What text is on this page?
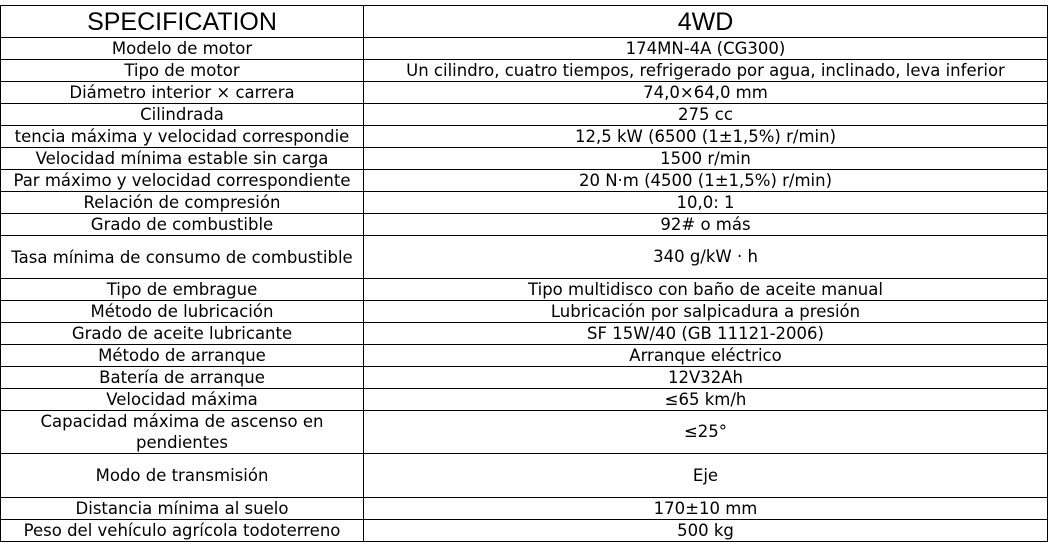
SPECIFICATION	4WD
Modelo de motor	174MN-4A (CG300)
Tipo de motor	Un cilindro, cuatro tiempos, refrigerado por agua, inclinado, leva inferior
Diámetro interior × carrera	74,0×64,0 mm
Cilindrada	275 cc
tencia máxima y velocidad correspondie	12,5 kW (6500 (1±1,5%) r/min)
Velocidad mínima estable sin carga	1500 r/min
Par máximo y velocidad correspondiente	20 N·m (4500 (1±1,5%) r/min)
Relación de compresión	10,0: 1
Grado de combustible	92# o más
Tasa mínima de consumo de combustible	340 g/kW · h
Tipo de embrague	Tipo multidisco con baño de aceite manual
Método de lubricación	Lubricación por salpicadura a presión
Grado de aceite lubricante	SF 15W/40 (GB 11121-2006)
Método de arranque	Arranque eléctrico
Batería de arranque	12V32Ah
Velocidad máxima	≤65 km/h
Capacidad máxima de ascenso en pendientes	≤25°
Modo de transmisión	Eje
Distancia mínima al suelo	170±10 mm
Peso del vehículo agrícola todoterreno	500 kg
